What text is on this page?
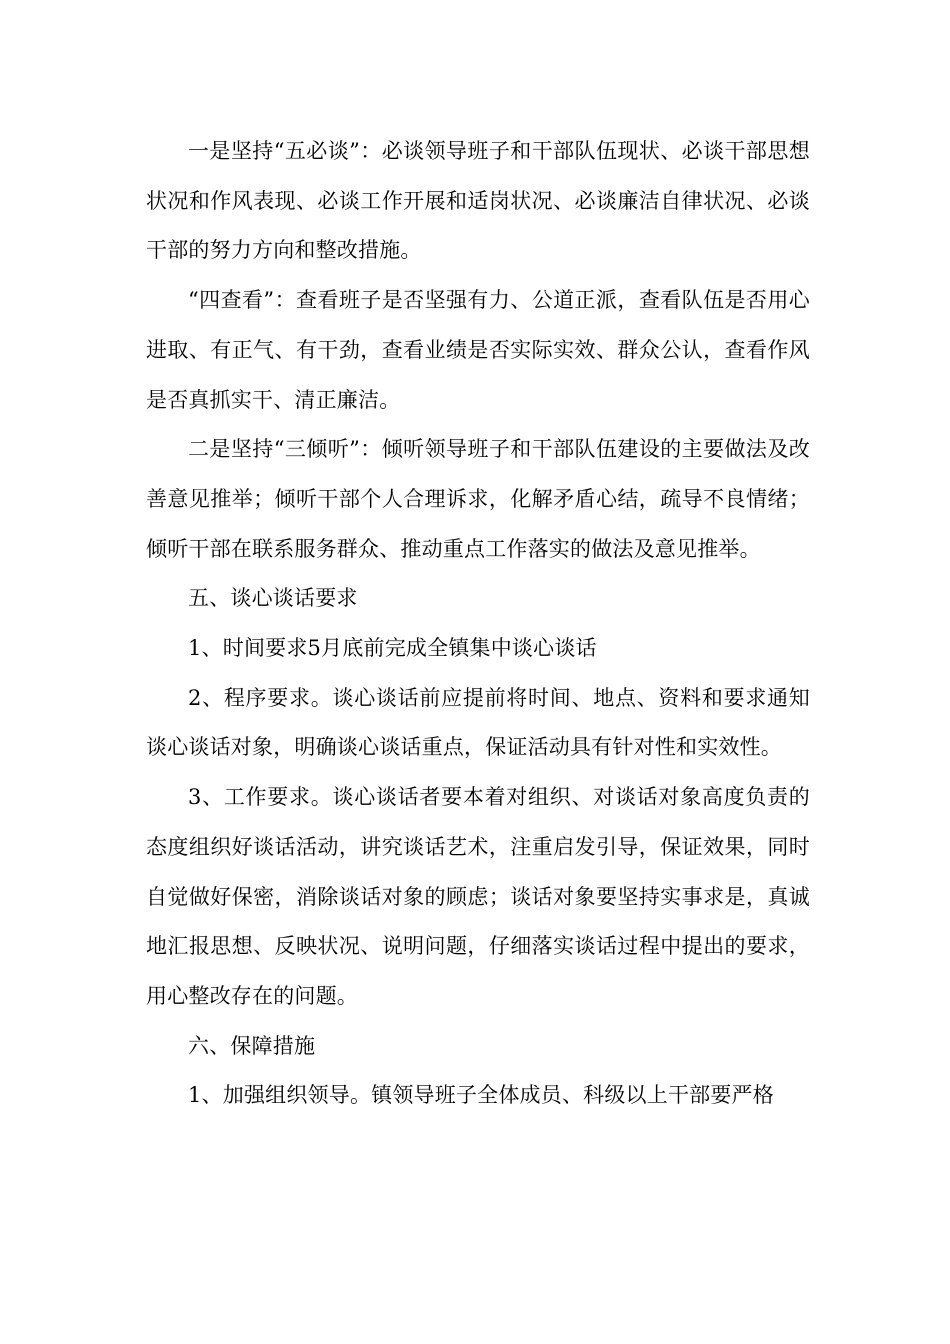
一是坚持“五必谈”：必谈领导班子和干部队伍现状、必谈干部思想状况和作风表现、必谈工作开展和适岗状况、必谈廉洁自律状况、必谈干部的努力方向和整改措施。

“四查看”：查看班子是否坚强有力、公道正派，查看队伍是否用心进取、有正气、有干劲，查看业绩是否实际实效、群众公认，查看作风是否真抓实干、清正廉洁。

二是坚持“三倾听”：倾听领导班子和干部队伍建设的主要做法及改善意见推举；倾听干部个人合理诉求，化解矛盾心结，疏导不良情绪；倾听干部在联系服务群众、推动重点工作落实的做法及意见推举。

五、谈心谈话要求

1、时间要求5月底前完成全镇集中谈心谈话

2、程序要求。谈心谈话前应提前将时间、地点、资料和要求通知谈心谈话对象，明确谈心谈话重点，保证活动具有针对性和实效性。

3、工作要求。谈心谈话者要本着对组织、对谈话对象高度负责的态度组织好谈话活动，讲究谈话艺术，注重启发引导，保证效果，同时自觉做好保密，消除谈话对象的顾虑；谈话对象要坚持实事求是，真诚地汇报思想、反映状况、说明问题，仔细落实谈话过程中提出的要求，用心整改存在的问题。

六、保障措施

1、加强组织领导。镇领导班子全体成员、科级以上干部要严格
